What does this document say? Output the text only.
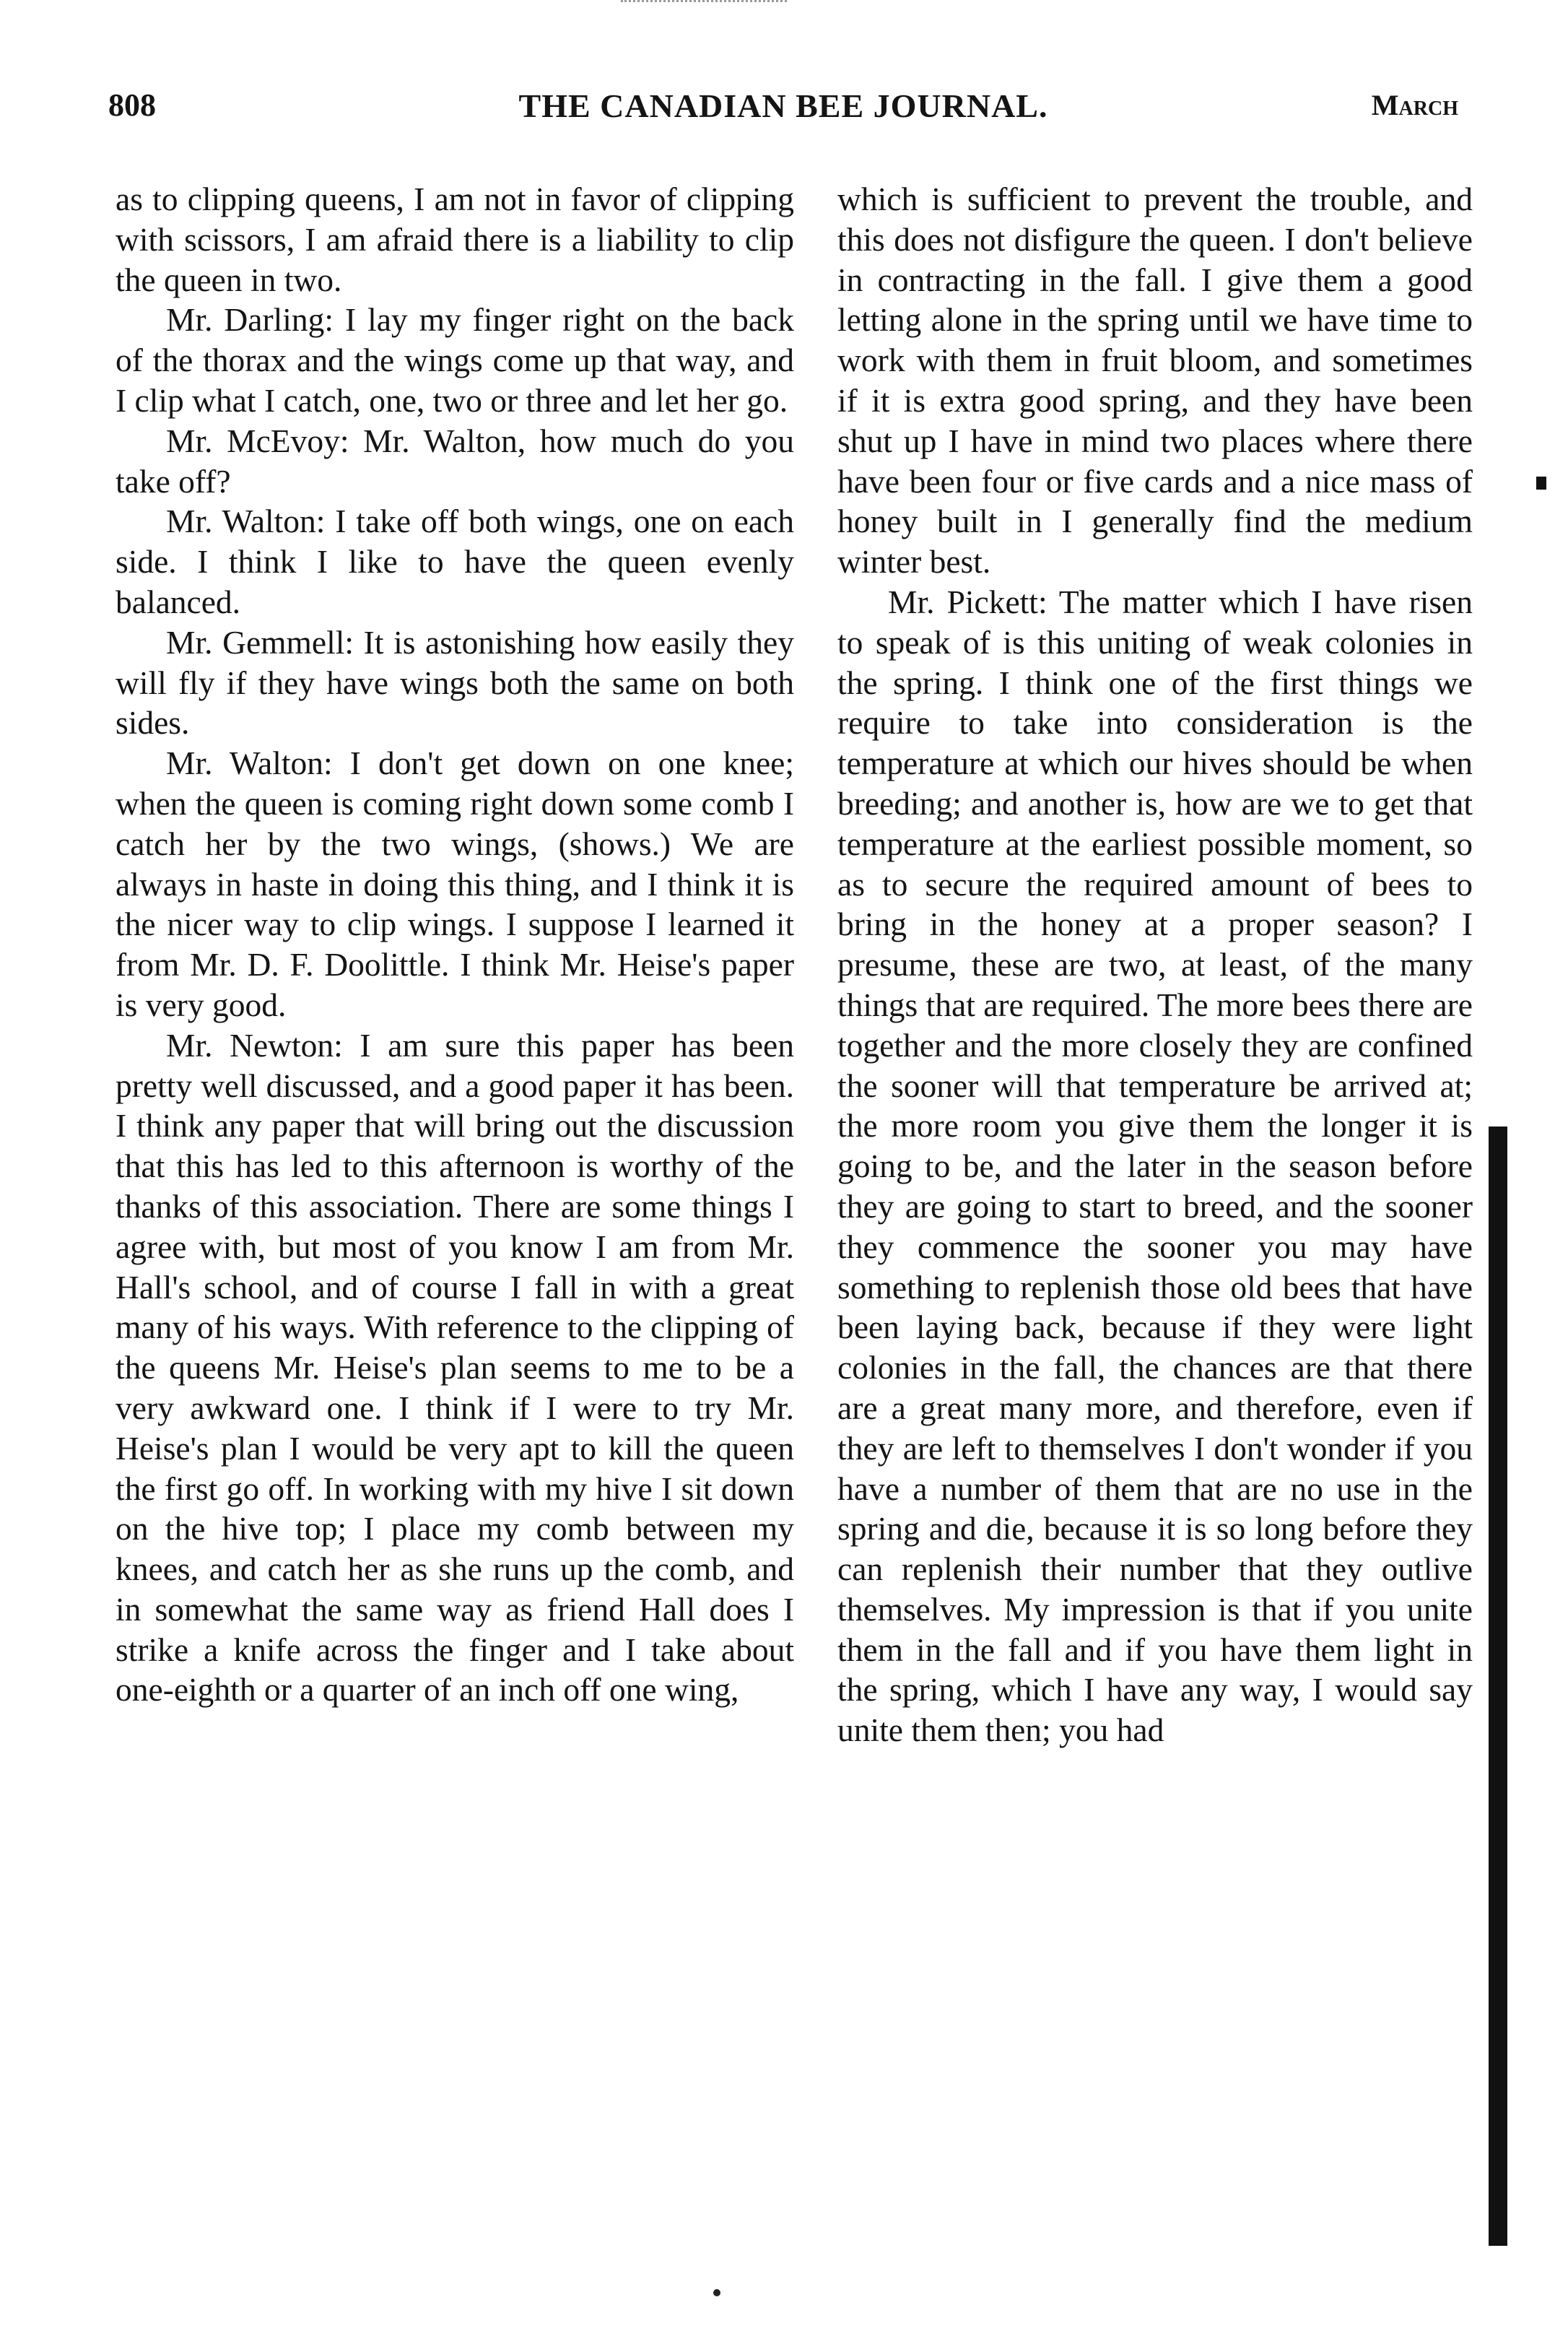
808	THE CANADIAN BEE JOURNAL.	March

as to clipping queens, I am not in favor of clipping with scissors, I am afraid there is a liability to clip the queen in two.

Mr. Darling: I lay my finger right on the back of the thorax and the wings come up that way, and I clip what I catch, one, two or three and let her go.

Mr. McEvoy: Mr. Walton, how much do you take off?

Mr. Walton: I take off both wings, one on each side. I think I like to have the queen evenly balanced.

Mr. Gemmell: It is astonishing how easily they will fly if they have wings both the same on both sides.

Mr. Walton: I don't get down on one knee; when the queen is coming right down some comb I catch her by the two wings, (shows.) We are always in haste in doing this thing, and I think it is the nicer way to clip wings. I suppose I learned it from Mr. D. F. Doolittle. I think Mr. Heise's paper is very good.

Mr. Newton: I am sure this paper has been pretty well discussed, and a good paper it has been. I think any paper that will bring out the discussion that this has led to this afternoon is worthy of the thanks of this association. There are some things I agree with, but most of you know I am from Mr. Hall's school, and of course I fall in with a great many of his ways. With reference to the clipping of the queens Mr. Heise's plan seems to me to be a very awkward one. I think if I were to try Mr. Heise's plan I would be very apt to kill the queen the first go off. In working with my hive I sit down on the hive top; I place my comb between my knees, and catch her as she runs up the comb, and in somewhat the same way as friend Hall does I strike a knife across the finger and I take about one-eighth or a quarter of an inch off one wing,

which is sufficient to prevent the trouble, and this does not disfigure the queen. I don't believe in contracting in the fall. I give them a good letting alone in the spring until we have time to work with them in fruit bloom, and sometimes if it is extra good spring, and they have been shut up I have in mind two places where there have been four or five cards and a nice mass of honey built in I generally find the medium winter best.

Mr. Pickett: The matter which I have risen to speak of is this uniting of weak colonies in the spring. I think one of the first things we require to take into consideration is the temperature at which our hives should be when breeding; and another is, how are we to get that temperature at the earliest possible moment, so as to secure the required amount of bees to bring in the honey at a proper season? I presume, these are two, at least, of the many things that are required. The more bees there are together and the more closely they are confined the sooner will that temperature be arrived at; the more room you give them the longer it is going to be, and the later in the season before they are going to start to breed, and the sooner they commence the sooner you may have something to replenish those old bees that have been laying back, because if they were light colonies in the fall, the chances are that there are a great many more, and therefore, even if they are left to themselves I don't wonder if you have a number of them that are no use in the spring and die, because it is so long before they can replenish their number that they outlive themselves. My impression is that if you unite them in the fall and if you have them light in the spring, which I have any way, I would say unite them then; you had
